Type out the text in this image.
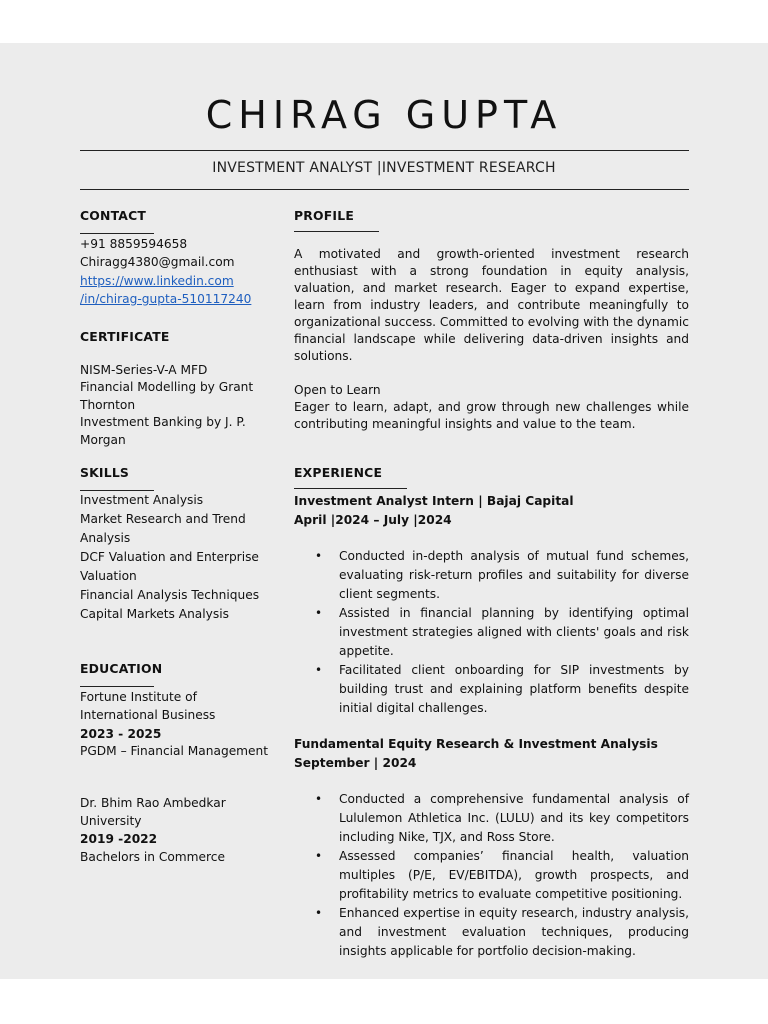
CHIRAG GUPTA
INVESTMENT ANALYST |INVESTMENT RESEARCH
CONTACT
+91 8859594658
Chiragg4380@gmail.com
https://www.linkedin.com
/in/chirag-gupta-510117240
CERTIFICATE
NISM-Series-V-A MFD
Financial Modelling by Grant Thornton
Investment Banking by J. P. Morgan
SKILLS
Investment Analysis
Market Research and Trend Analysis
DCF Valuation and Enterprise Valuation
Financial Analysis Techniques
Capital Markets Analysis
EDUCATION
Fortune Institute of International Business
2023 - 2025
PGDM – Financial Management
Dr. Bhim Rao Ambedkar University
2019 -2022
Bachelors in Commerce
PROFILE
A motivated and growth-oriented investment research enthusiast with a strong foundation in equity analysis, valuation, and market research. Eager to expand expertise, learn from industry leaders, and contribute meaningfully to organizational success. Committed to evolving with the dynamic financial landscape while delivering data-driven insights and solutions.
Open to Learn
Eager to learn, adapt, and grow through new challenges while contributing meaningful insights and value to the team.
EXPERIENCE
Investment Analyst Intern | Bajaj Capital
April |2024 – July |2024
• Conducted in-depth analysis of mutual fund schemes, evaluating risk-return profiles and suitability for diverse client segments.
• Assisted in financial planning by identifying optimal investment strategies aligned with clients' goals and risk appetite.
• Facilitated client onboarding for SIP investments by building trust and explaining platform benefits despite initial digital challenges.
Fundamental Equity Research & Investment Analysis
September | 2024
• Conducted a comprehensive fundamental analysis of Lululemon Athletica Inc. (LULU) and its key competitors including Nike, TJX, and Ross Store.
• Assessed companies’ financial health, valuation multiples (P/E, EV/EBITDA), growth prospects, and profitability metrics to evaluate competitive positioning.
• Enhanced expertise in equity research, industry analysis, and investment evaluation techniques, producing insights applicable for portfolio decision-making.
